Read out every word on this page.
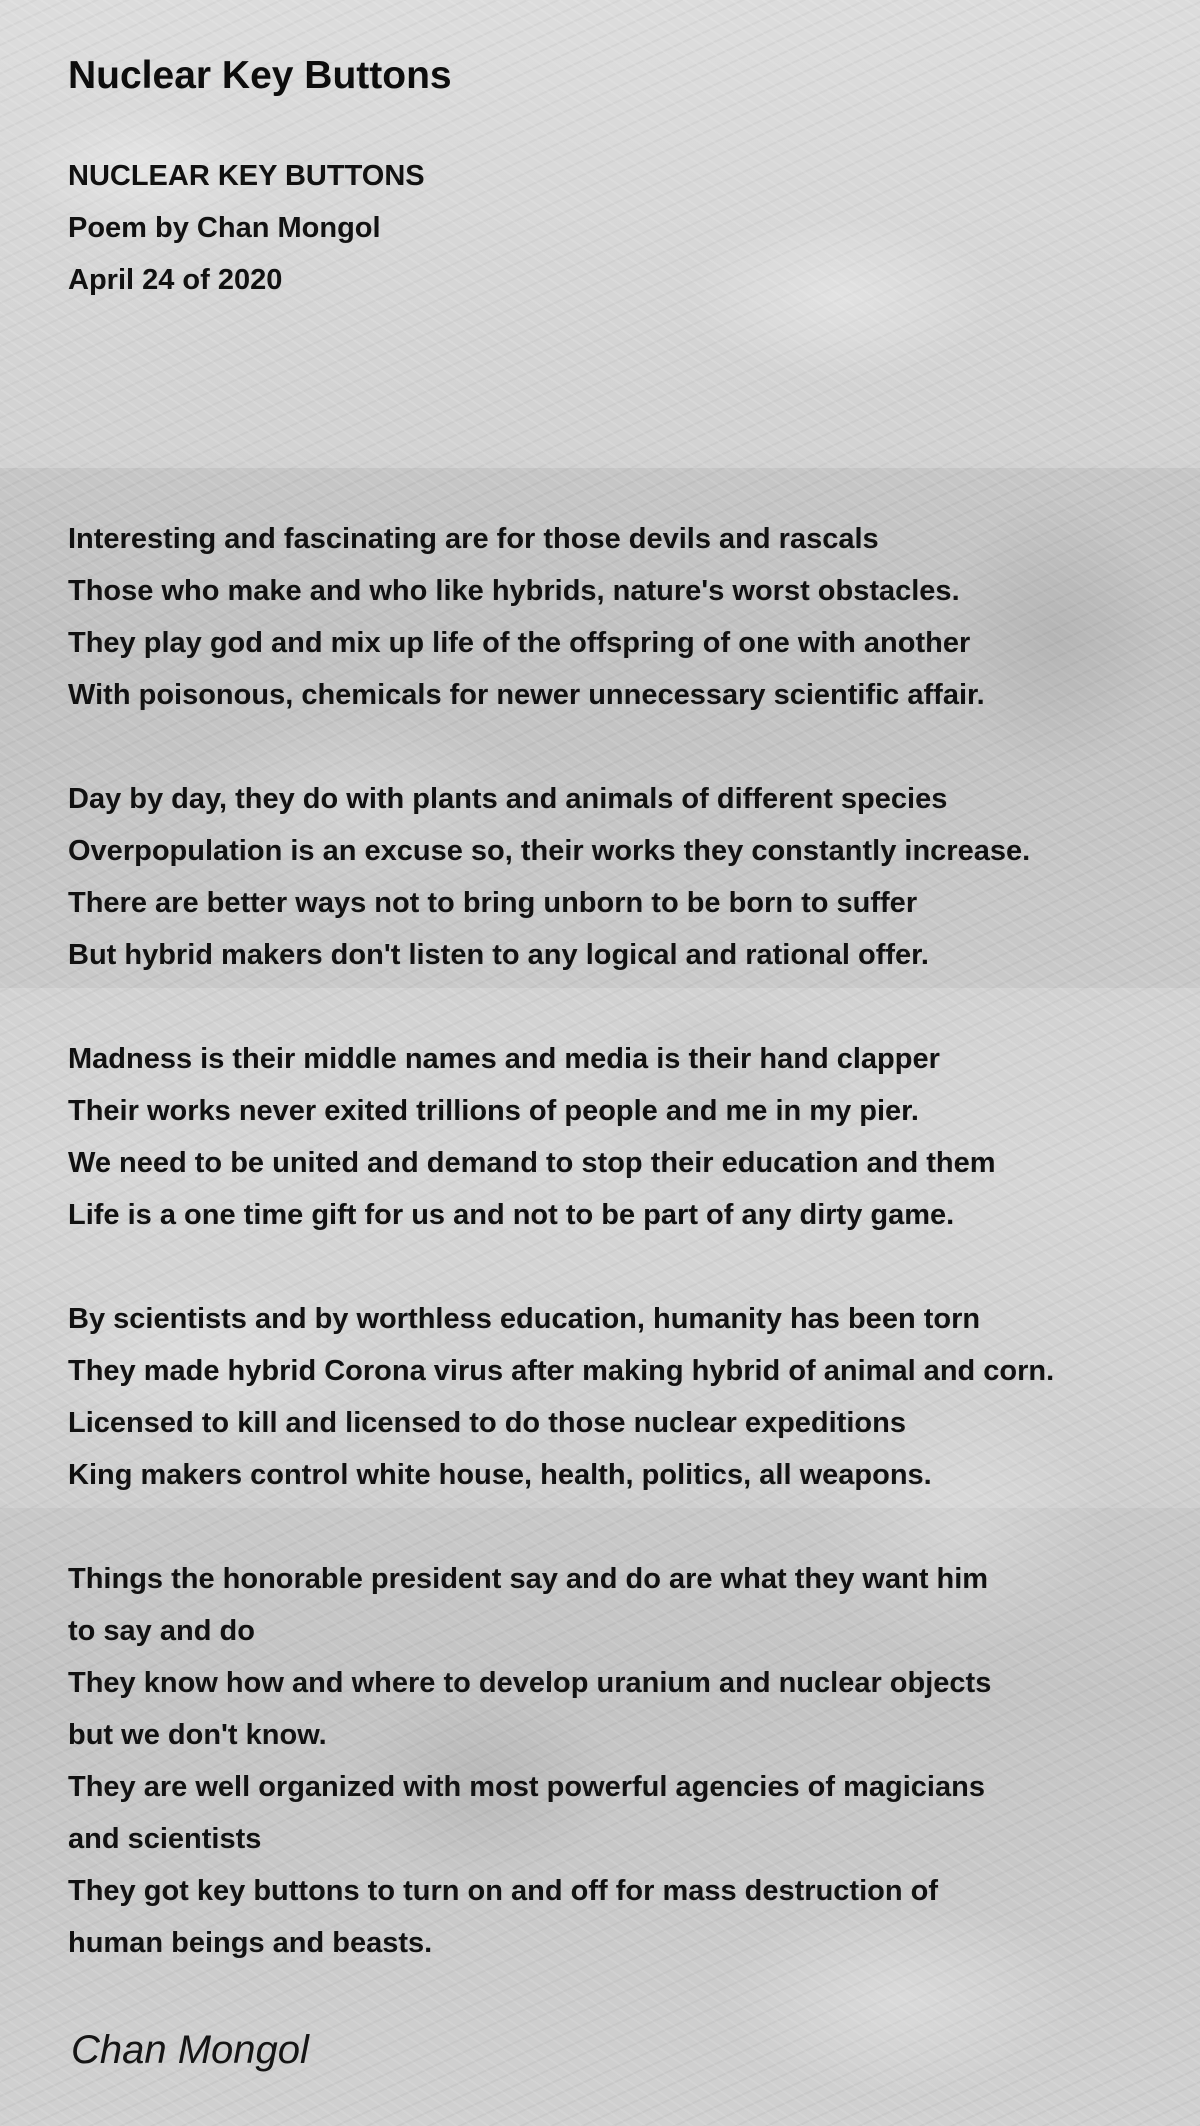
Nuclear Key Buttons
NUCLEAR KEY BUTTONS
Poem by Chan Mongol
April 24 of 2020
Interesting and fascinating are for those devils and rascals
Those who make and who like hybrids, nature's worst obstacles.
They play god and mix up life of the offspring of one with another
With poisonous, chemicals for newer unnecessary scientific affair.
Day by day, they do with plants and animals of different species
Overpopulation is an excuse so, their works they constantly increase.
There are better ways not to bring unborn to be born to suffer
But hybrid makers don't listen to any logical and rational offer.
Madness is their middle names and media is their hand clapper
Their works never exited trillions of people and me in my pier.
We need to be united and demand to stop their education and them
Life is a one time gift for us and not to be part of any dirty game.
By scientists and by worthless education, humanity has been torn
They made hybrid Corona virus after making hybrid of animal and corn.
Licensed to kill and licensed to do those nuclear expeditions
King makers control white house, health, politics, all weapons.
Things the honorable president say and do are what they want him
to say and do
They know how and where to develop uranium and nuclear objects
but we don't know.
They are well organized with most powerful agencies of magicians
and scientists
They got key buttons to turn on and off for mass destruction of
human beings and beasts.
Chan Mongol
